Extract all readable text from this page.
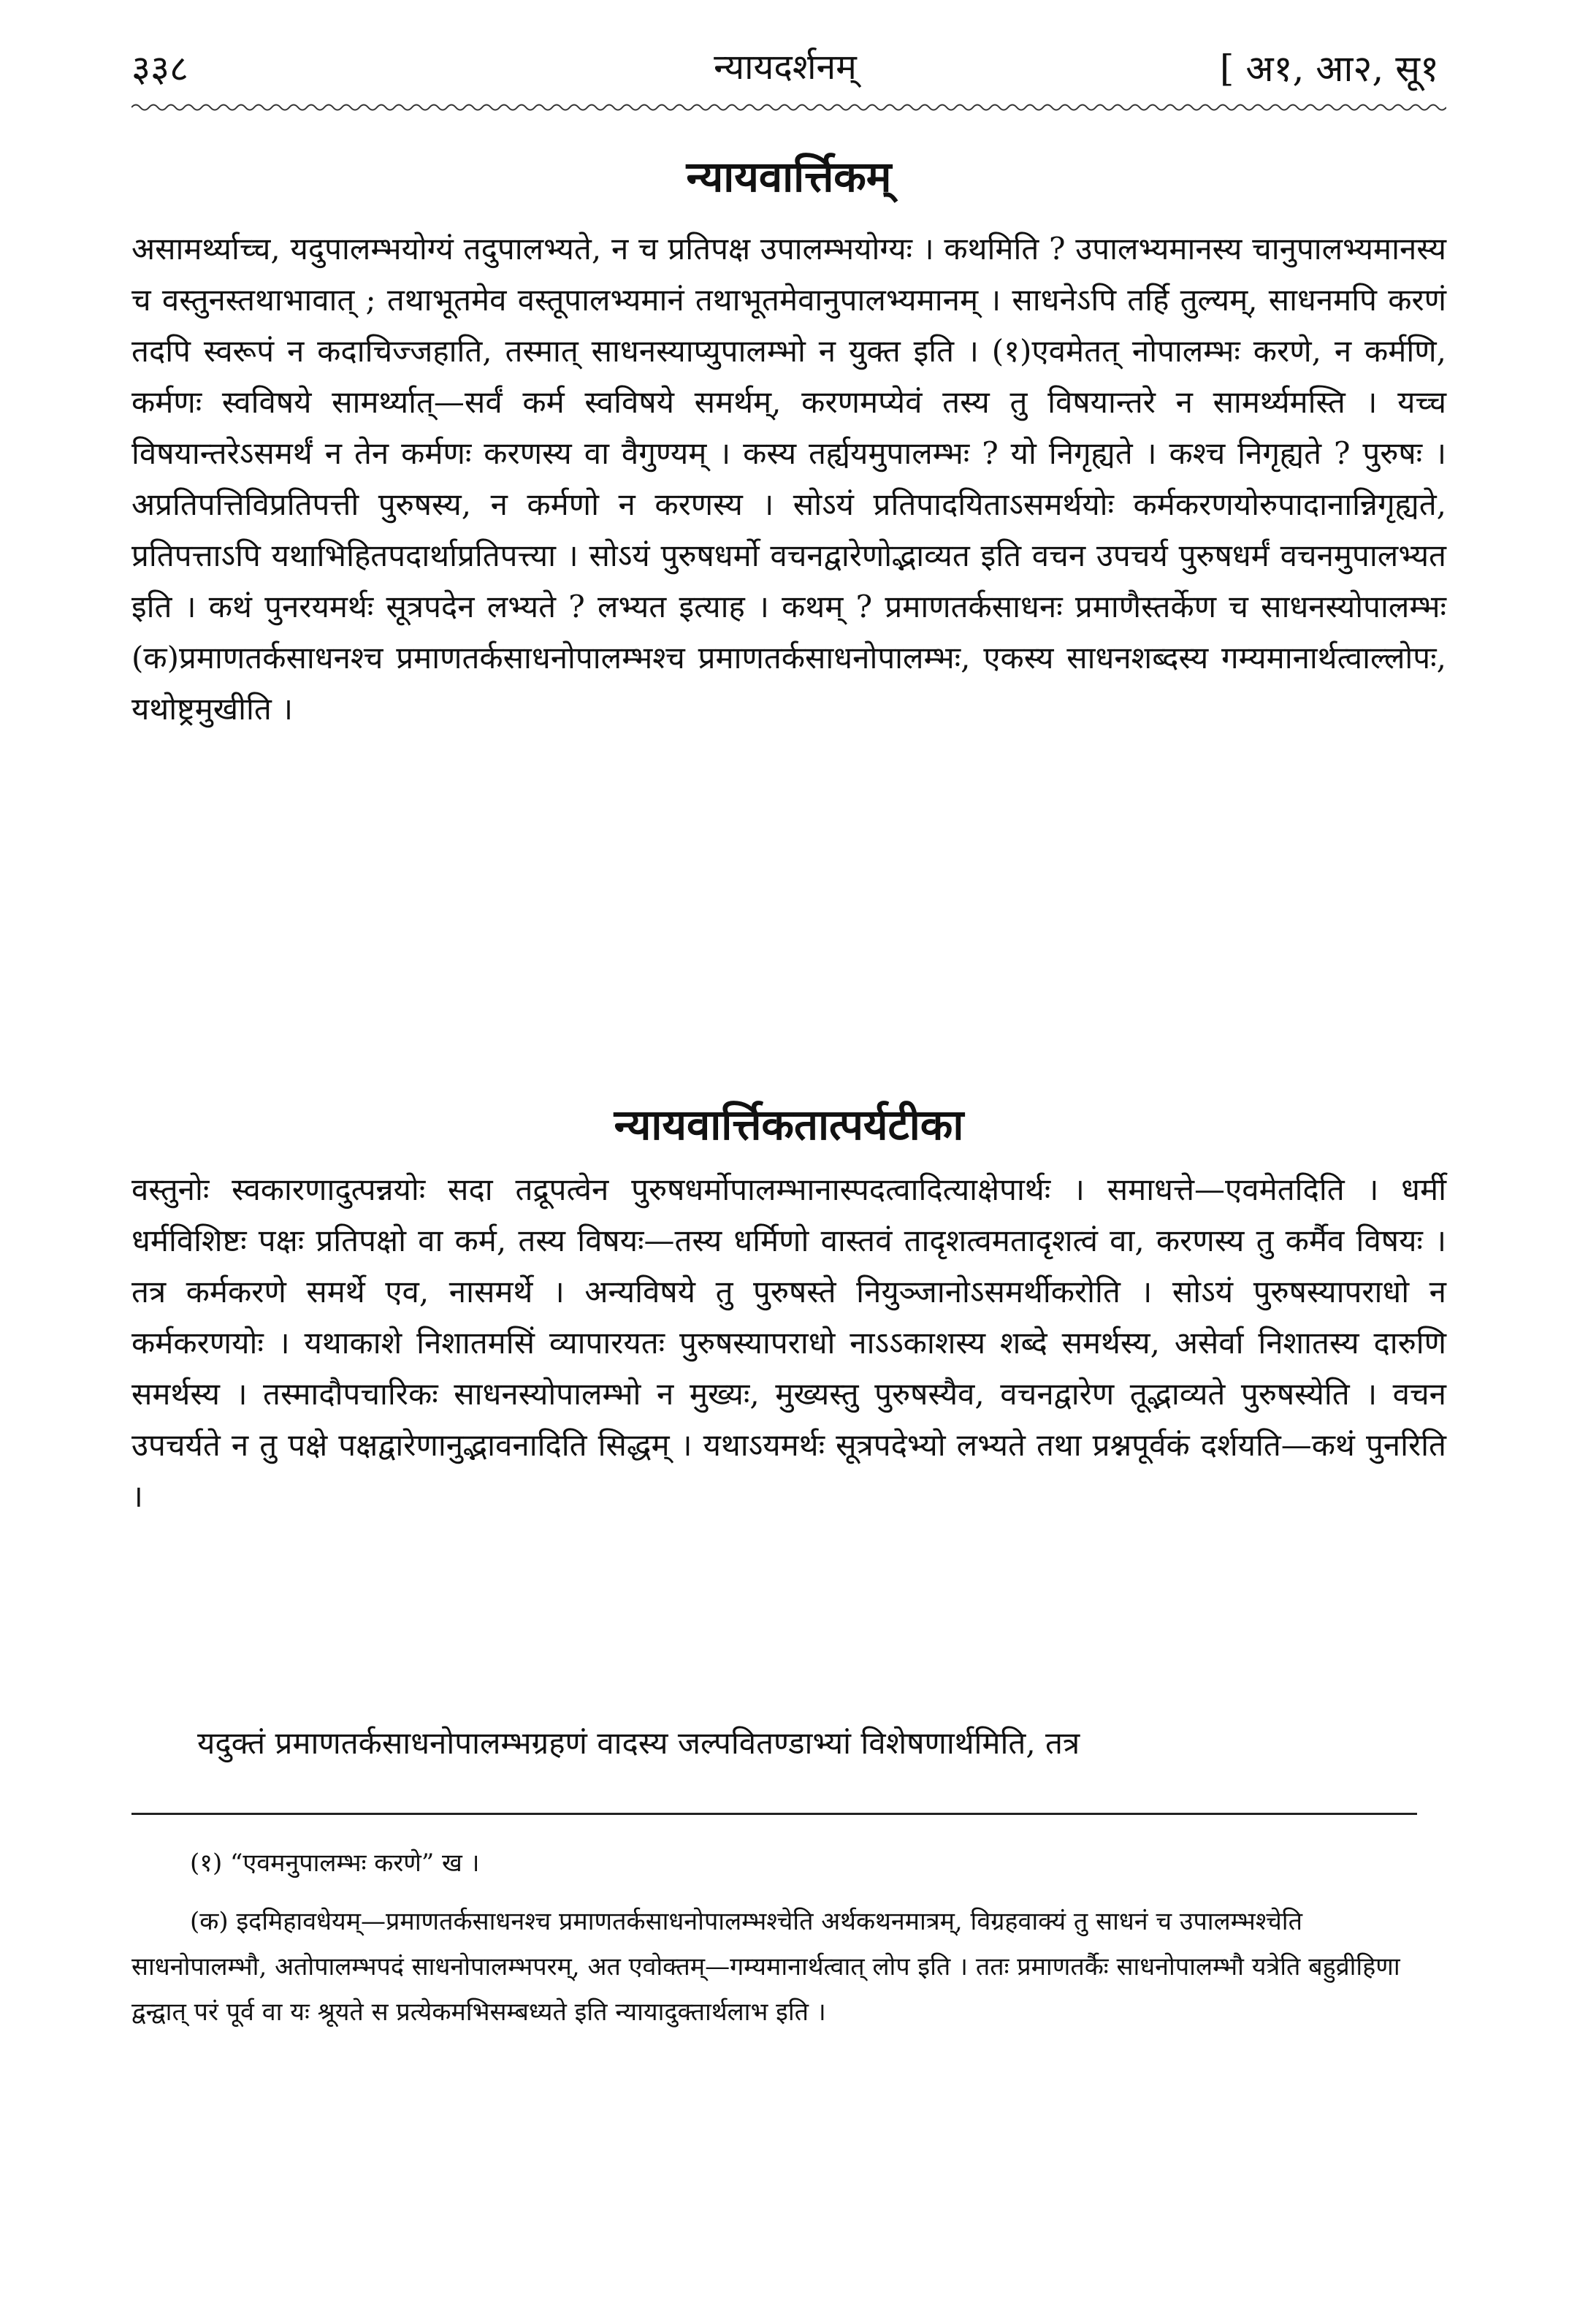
३३८	न्यायदर्शनम्	[ अ१, आ२, सू१
न्यायवार्त्तिकम्
असामर्थ्याच्च, यदुपालम्भयोग्यं तदुपालभ्यते, न च प्रतिपक्ष उपालम्भयोग्यः । कथमिति ? उपालभ्यमानस्य चानुपालभ्यमानस्य च वस्तुनस्तथाभावात् ; तथाभूतमेव वस्तूपालभ्यमानं तथाभूतमेवानुपालभ्यमानम् । साधनेऽपि तर्हि तुल्यम्, साधनमपि करणं तदपि स्वरूपं न कदाचिज्जहाति, तस्मात् साधनस्याप्युपालम्भो न युक्त इति । (१)एवमेतत् नोपालम्भः करणे, न कर्मणि, कर्मणः स्वविषये सामर्थ्यात्—सर्वं कर्म स्वविषये समर्थम्, करणमप्येवं तस्य तु विषयान्तरे न सामर्थ्यमस्ति । यच्च विषयान्तरेऽसमर्थं न तेन कर्मणः करणस्य वा वैगुण्यम् । कस्य तर्ह्ययमुपालम्भः ? यो निगृह्यते । कश्च निगृह्यते ? पुरुषः । अप्रतिपत्तिविप्रतिपत्ती पुरुषस्य, न कर्मणो न करणस्य । सोऽयं प्रतिपादयिताऽसमर्थयोः कर्मकरणयोरुपादानान्निगृह्यते, प्रतिपत्ताऽपि यथाभिहितपदार्थाप्रतिपत्त्या । सोऽयं पुरुषधर्मो वचनद्वारेणोद्भाव्यत इति वचन उपचर्य पुरुषधर्मं वचनमुपालभ्यत इति । कथं पुनरयमर्थः सूत्रपदेन लभ्यते ? लभ्यत इत्याह । कथम् ? प्रमाणतर्कसाधनः प्रमाणैस्तर्केण च साधनस्योपालम्भः (क)प्रमाणतर्कसाधनश्च प्रमाणतर्कसाधनोपालम्भश्च प्रमाणतर्कसाधनोपालम्भः, एकस्य साधनशब्दस्य गम्यमानार्थत्वाल्लोपः, यथोष्ट्रमुखीति ।
न्यायवार्त्तिकतात्पर्यटीका
वस्तुनोः स्वकारणादुत्पन्नयोः सदा तद्रूपत्वेन पुरुषधर्मोपालम्भानास्पदत्वादित्याक्षेपार्थः । समाधत्ते—एवमेतदिति । धर्मी धर्मविशिष्टः पक्षः प्रतिपक्षो वा कर्म, तस्य विषयः—तस्य धर्मिणो वास्तवं तादृशत्वमतादृशत्वं वा, करणस्य तु कर्मैव विषयः । तत्र कर्मकरणे समर्थे एव, नासमर्थे । अन्यविषये तु पुरुषस्ते नियुञ्जानोऽसमर्थीकरोति । सोऽयं पुरुषस्यापराधो न कर्मकरणयोः । यथाकाशे निशातमसिं व्यापारयतः पुरुषस्यापराधो नाऽऽकाशस्य शब्दे समर्थस्य, असेर्वा निशातस्य दारुणि समर्थस्य । तस्मादौपचारिकः साधनस्योपालम्भो न मुख्यः, मुख्यस्तु पुरुषस्यैव, वचनद्वारेण तूद्भाव्यते पुरुषस्येति । वचन उपचर्यते न तु पक्षे पक्षद्वारेणानुद्भावनादिति सिद्धम् । यथाऽयमर्थः सूत्रपदेभ्यो लभ्यते तथा प्रश्नपूर्वकं दर्शयति—कथं पुनरिति ।
यदुक्तं प्रमाणतर्कसाधनोपालम्भग्रहणं वादस्य जल्पवितण्डाभ्यां विशेषणार्थमिति, तत्र
(१) “एवमनुपालम्भः करणे” ख ।
(क) इदमिहावधेयम्—प्रमाणतर्कसाधनश्च प्रमाणतर्कसाधनोपालम्भश्चेति अर्थकथनमात्रम्, विग्रहवाक्यं तु साधनं च उपालम्भश्चेति साधनोपालम्भौ, अतोपालम्भपदं साधनोपालम्भपरम्, अत एवोक्तम्—गम्यमानार्थत्वात् लोप इति । ततः प्रमाणतर्कैः साधनोपालम्भौ यत्रेति बहुव्रीहिणा द्वन्द्वात् परं पूर्व वा यः श्रूयते स प्रत्येकमभिसम्बध्यते इति न्यायादुक्तार्थलाभ इति ।
